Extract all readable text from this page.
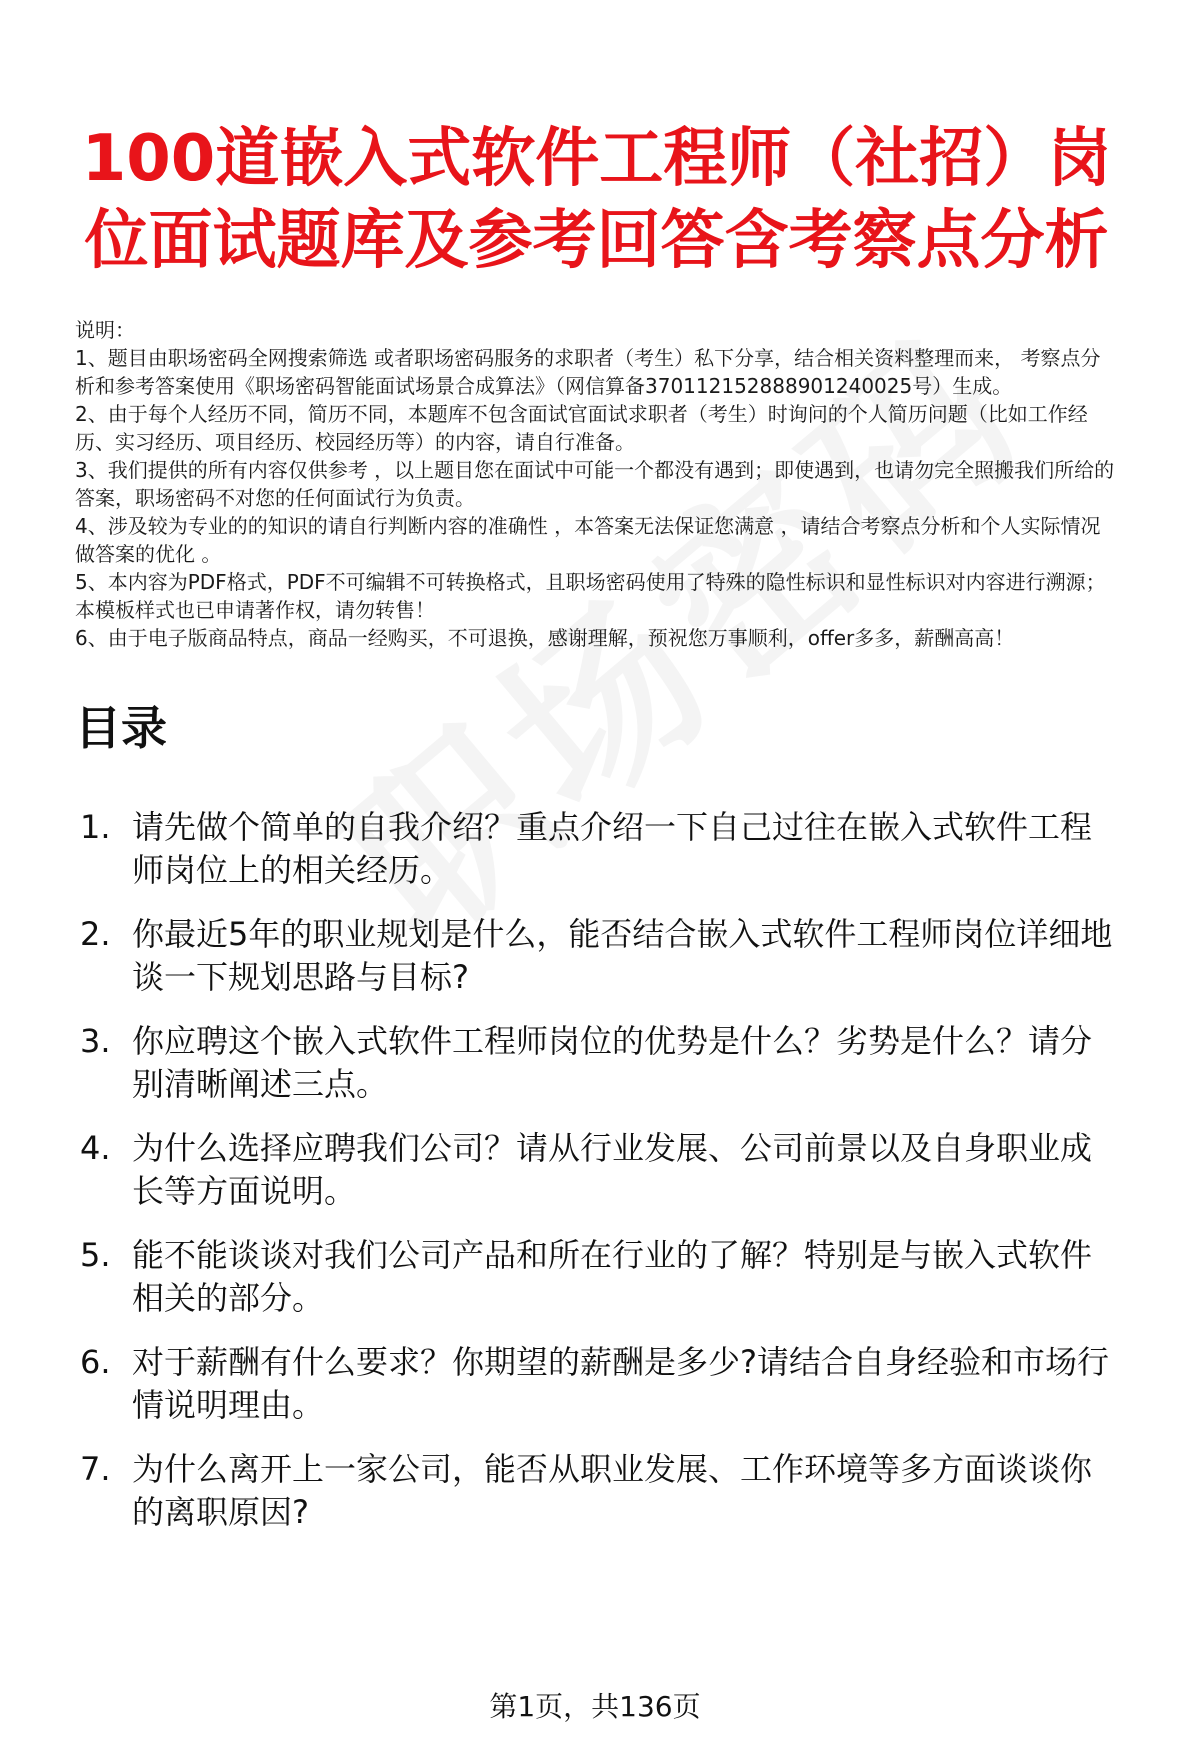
100道嵌入式软件工程师（社招）岗位面试题库及参考回答含考察点分析

说明：

1、题目由职场密码全网搜索筛选 或者职场密码服务的求职者（考生）私下分享，结合相关资料整理而来， 考察点分析和参考答案使用《职场密码智能面试场景合成算法》（网信算备370112152888901240025号）生成。

2、由于每个人经历不同，简历不同，本题库不包含面试官面试求职者（考生）时询问的个人简历问题（比如工作经历、实习经历、项目经历、校园经历等）的内容，请自行准备。

3、我们提供的所有内容仅供参考 ，以上题目您在面试中可能一个都没有遇到；即使遇到，也请勿完全照搬我们所给的答案，职场密码不对您的任何面试行为负责。

4、涉及较为专业的的知识的请自行判断内容的准确性 ，本答案无法保证您满意 ，请结合考察点分析和个人实际情况做答案的优化 。

5、本内容为PDF格式，PDF不可编辑不可转换格式，且职场密码使用了特殊的隐性标识和显性标识对内容进行溯源；本模板样式也已申请著作权，请勿转售！

6、由于电子版商品特点，商品一经购买，不可退换，感谢理解，预祝您万事顺利，offer多多，薪酬高高！

目录
1. 请先做个简单的自我介绍？重点介绍一下自己过往在嵌入式软件工程师岗位上的相关经历。
2. 你最近5年的职业规划是什么，能否结合嵌入式软件工程师岗位详细地谈一下规划思路与目标?
3. 你应聘这个嵌入式软件工程师岗位的优势是什么？劣势是什么？请分别清晰阐述三点。
4. 为什么选择应聘我们公司？请从行业发展、公司前景以及自身职业成长等方面说明。
5. 能不能谈谈对我们公司产品和所在行业的了解？特别是与嵌入式软件相关的部分。
6. 对于薪酬有什么要求？你期望的薪酬是多少?请结合自身经验和市场行情说明理由。
7. 为什么离开上一家公司，能否从职业发展、工作环境等多方面谈谈你的离职原因?
第1页，共136页
